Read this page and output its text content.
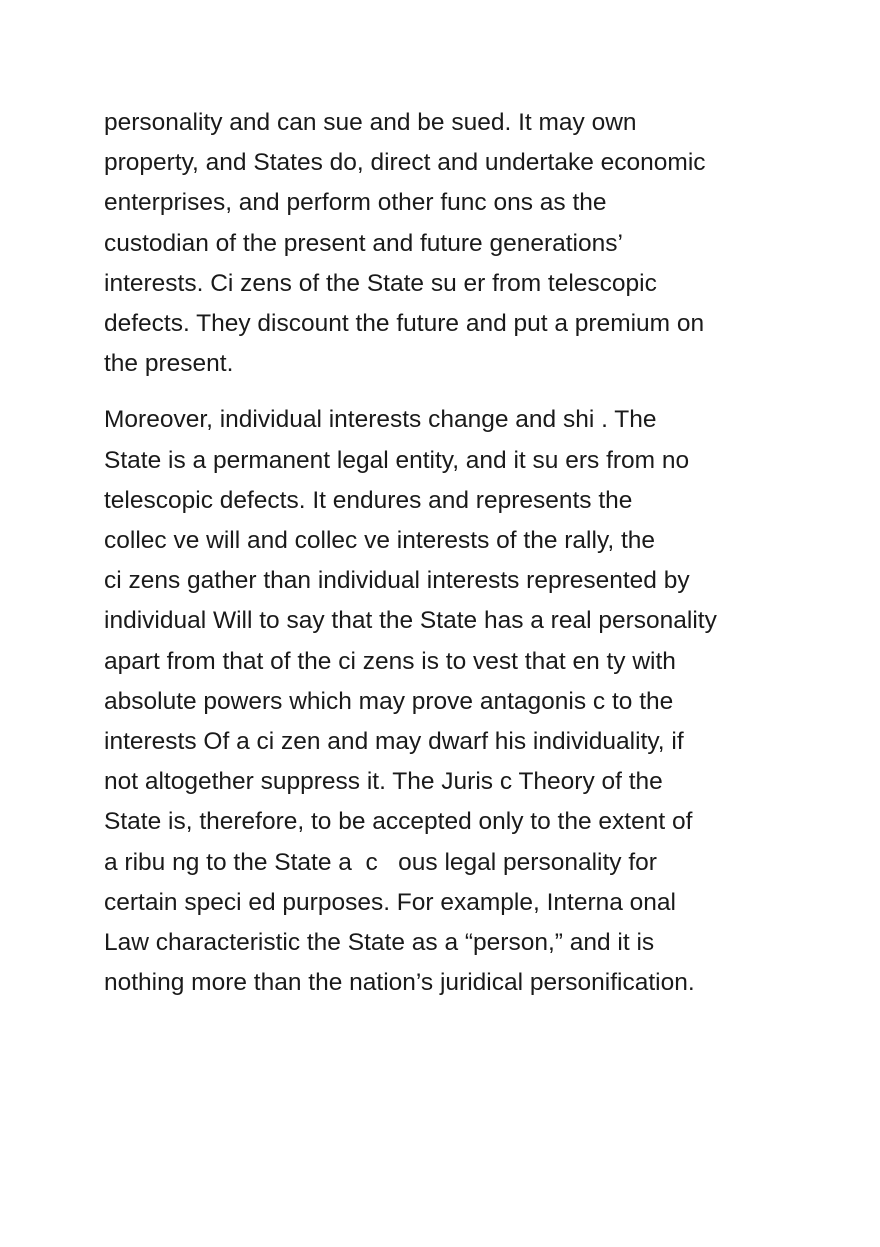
personality and can sue and be sued. It may own
property, and States do, direct and undertake economic
enterprises, and perform other func ons as the
custodian of the present and future generations’
interests. Ci zens of the State su er from telescopic
defects. They discount the future and put a premium on
the present.

Moreover, individual interests change and shi . The
State is a permanent legal entity, and it su ers from no
telescopic defects. It endures and represents the
collec ve will and collec ve interests of the rally, the
ci zens gather than individual interests represented by
individual Will to say that the State has a real personality
apart from that of the ci zens is to vest that en ty with
absolute powers which may prove antagonis c to the
interests Of a ci zen and may dwarf his individuality, if
not altogether suppress it. The Juris c Theory of the
State is, therefore, to be accepted only to the extent of
a ribu ng to the State a  c   ous legal personality for
certain speci ed purposes. For example, Interna onal
Law characteristic the State as a “person,” and it is
nothing more than the nation’s juridical personification.
